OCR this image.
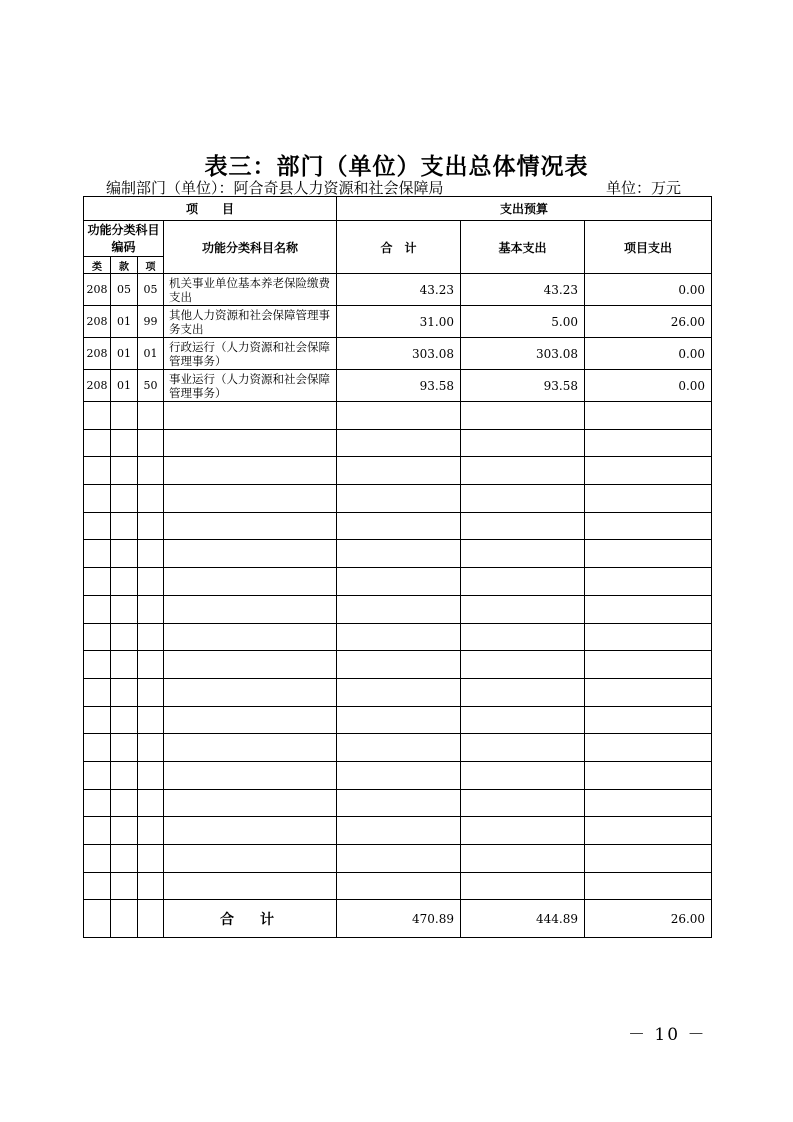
表三：部门（单位）支出总体情况表
编制部门（单位）：阿合奇县人力资源和社会保障局	单位：万元
项　　目				支出预算		
功能分类科目编码			功能分类科目名称	合　计	基本支出	项目支出
类	款	项				
208	05	05	机关事业单位基本养老保险缴费支出	43.23	43.23	0.00
208	01	99	其他人力资源和社会保障管理事务支出	31.00	5.00	26.00
208	01	01	行政运行（人力资源和社会保障管理事务）	303.08	303.08	0.00
208	01	50	事业运行（人力资源和社会保障管理事务）	93.58	93.58	0.00

			合　计	470.89	444.89	26.00
－ 10 －
